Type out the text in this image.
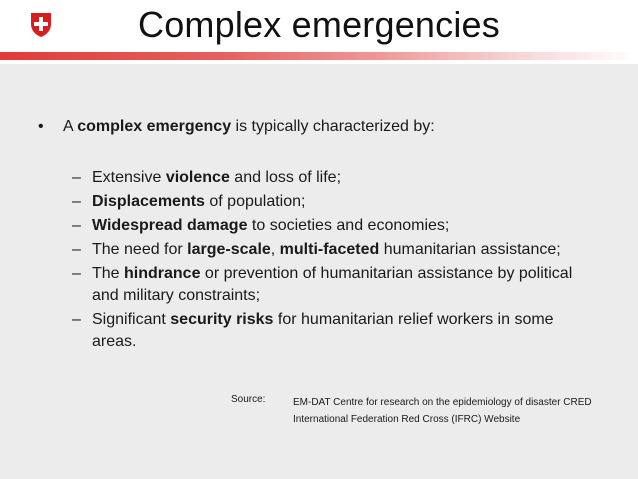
Complex emergencies
•	A complex emergency is typically characterized by:
– Extensive violence and loss of life;
– Displacements of population;
– Widespread damage to societies and economies;
– The need for large-scale, multi-faceted humanitarian assistance;
– The hindrance or prevention of humanitarian assistance by political and military constraints;
– Significant security risks for humanitarian relief workers in some areas.
Source:	EM-DAT Centre for research on the epidemiology of disaster CRED
International Federation Red Cross (IFRC) Website
